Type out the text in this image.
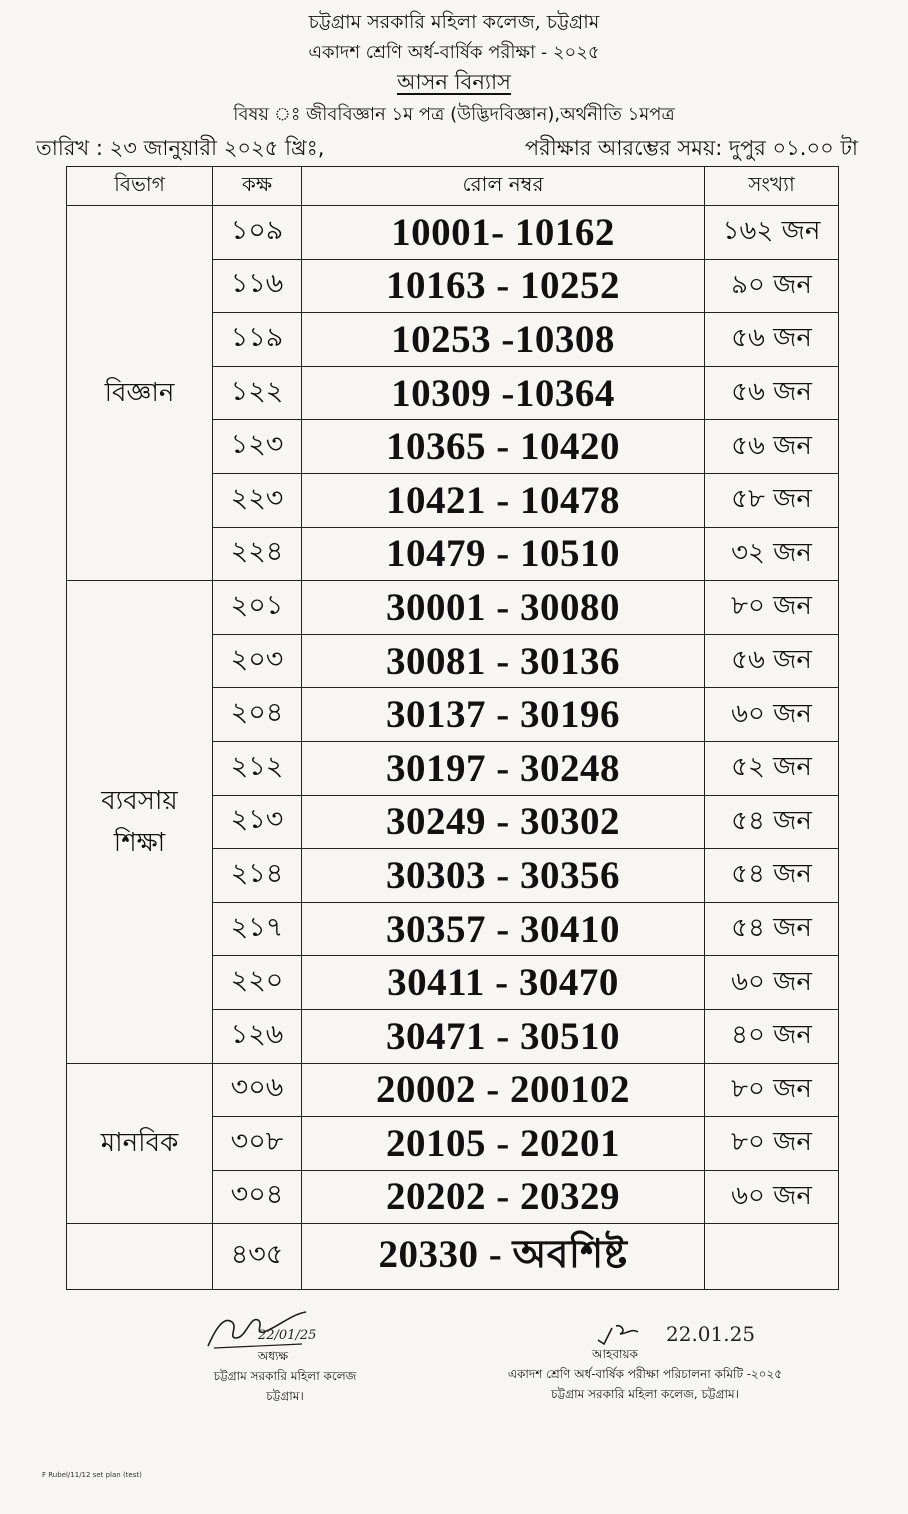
চট্টগ্রাম সরকারি মহিলা কলেজ, চট্টগ্রাম
একাদশ শ্রেণি অর্ধ-বার্ষিক পরীক্ষা - ২০২৫
আসন বিন্যাস
বিষয় ঃ জীববিজ্ঞান ১ম পত্র (উদ্ভিদবিজ্ঞান),অর্থনীতি ১মপত্র
তারিখ : ২৩ জানুয়ারী ২০২৫ খ্রিঃ,	পরীক্ষার আরম্ভের সময়: দুপুর ০১.০০ টা
বিভাগ	কক্ষ	রোল নম্বর	সংখ্যা
বিজ্ঞান	১০৯	10001- 10162	১৬২ জন
	১১৬	10163 - 10252	৯০ জন
	১১৯	10253 -10308	৫৬ জন
	১২২	10309 -10364	৫৬ জন
	১২৩	10365 - 10420	৫৬ জন
	২২৩	10421 - 10478	৫৮ জন
	২২৪	10479 - 10510	৩২ জন
ব্যবসায়
শিক্ষা	২০১	30001 - 30080	৮০ জন
	২০৩	30081 - 30136	৫৬ জন
	২০৪	30137 - 30196	৬০ জন
	২১২	30197 - 30248	৫২ জন
	২১৩	30249 - 30302	৫৪ জন
	২১৪	30303 - 30356	৫৪ জন
	২১৭	30357 - 30410	৫৪ জন
	২২০	30411 - 30470	৬০ জন
	১২৬	30471 - 30510	৪০ জন
মানবিক	৩০৬	20002 - 200102	৮০ জন
	৩০৮	20105 - 20201	৮০ জন
	৩০৪	20202 - 20329	৬০ জন
	৪৩৫	20330 - অবশিষ্ট	
22/01/25
অধ্যক্ষ
চট্টগ্রাম সরকারি মহিলা কলেজ
চট্টগ্রাম।
22.01.25
আহবায়ক
একাদশ শ্রেণি অর্ধ-বার্ষিক পরীক্ষা পরিচালনা কমিটি -২০২৫
চট্টগ্রাম সরকারি মহিলা কলেজ, চট্টগ্রাম।
F Rubel/11/12 set plan (test)
